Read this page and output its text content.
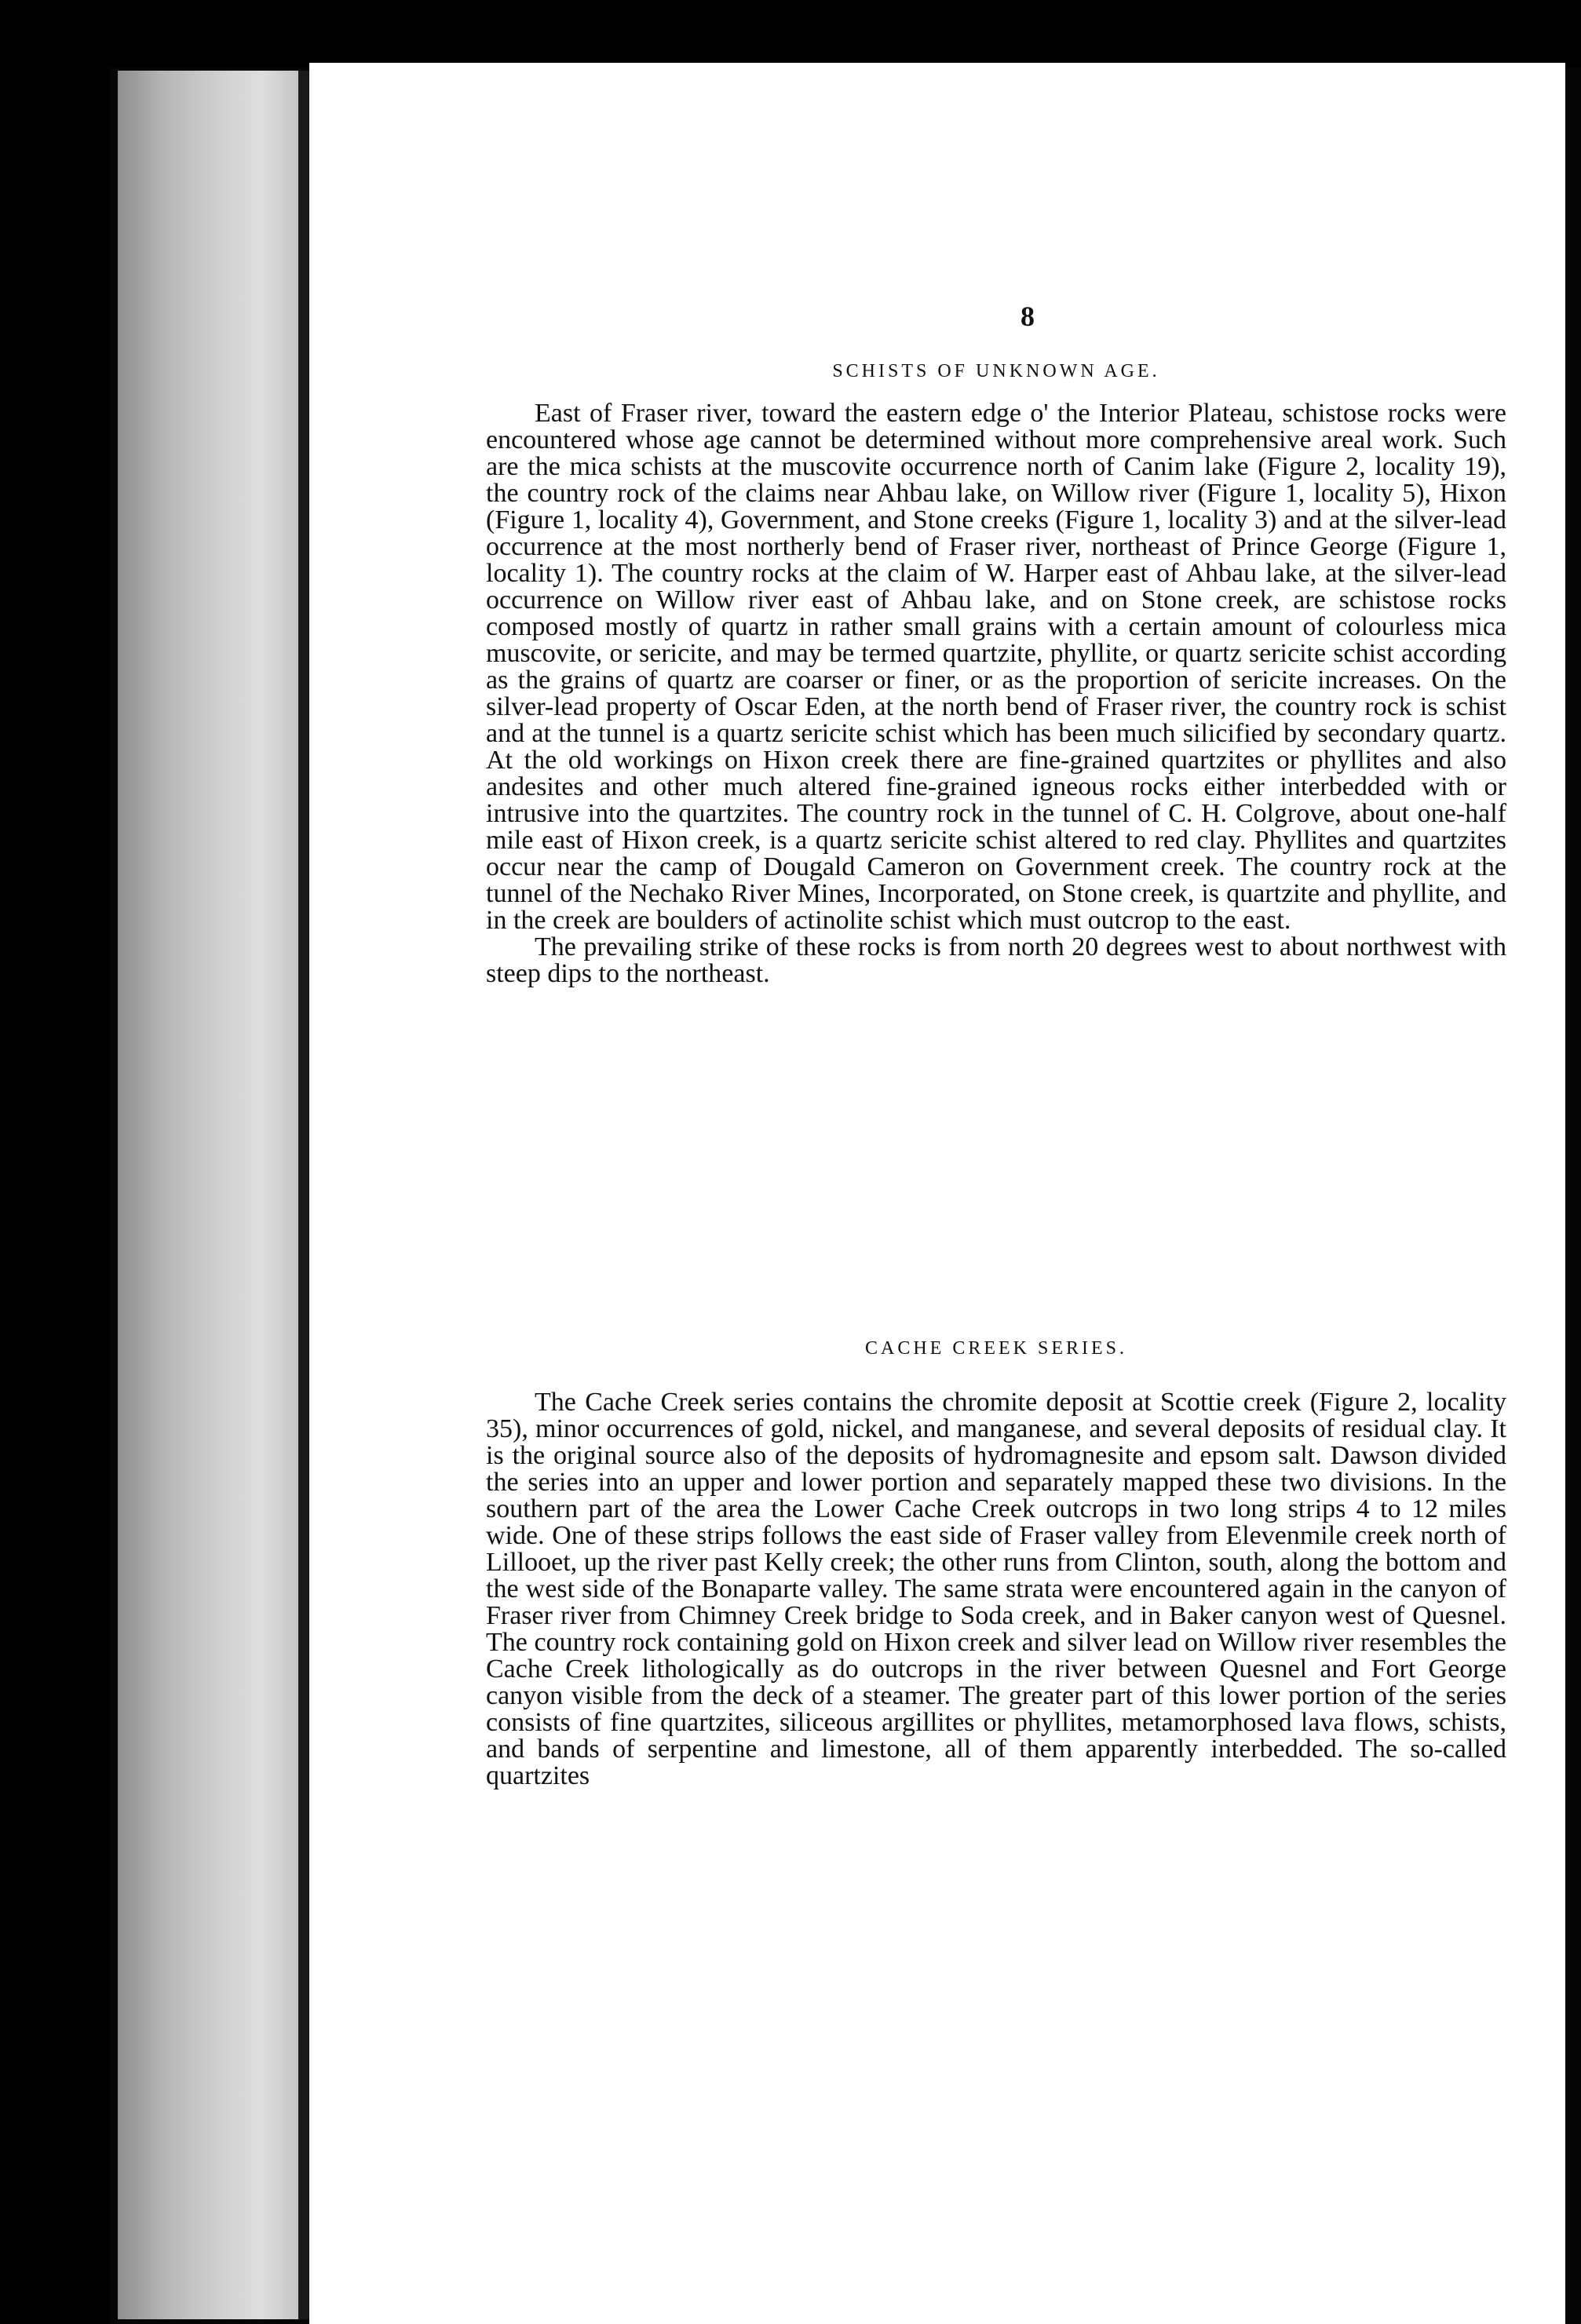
8
SCHISTS OF UNKNOWN AGE.

East of Fraser river, toward the eastern edge o' the Interior Plateau, schistose rocks were encountered whose age cannot be determined without more comprehensive areal work. Such are the mica schists at the muscovite occurrence north of Canim lake (Figure 2, locality 19), the country rock of the claims near Ahbau lake, on Willow river (Figure 1, locality 5), Hixon (Figure 1, locality 4), Government, and Stone creeks (Figure 1, locality 3) and at the silver-lead occurrence at the most northerly bend of Fraser river, northeast of Prince George (Figure 1, locality 1). The country rocks at the claim of W. Harper east of Ahbau lake, at the silver-lead occurrence on Willow river east of Ahbau lake, and on Stone creek, are schistose rocks composed mostly of quartz in rather small grains with a certain amount of colourless mica muscovite, or sericite, and may be termed quartzite, phyllite, or quartz sericite schist according as the grains of quartz are coarser or finer, or as the proportion of sericite increases. On the silver-lead property of Oscar Eden, at the north bend of Fraser river, the country rock is schist and at the tunnel is a quartz sericite schist which has been much silicified by secondary quartz. At the old workings on Hixon creek there are fine-grained quartzites or phyllites and also andesites and other much altered fine-grained igneous rocks either interbedded with or intrusive into the quartzites. The country rock in the tunnel of C. H. Colgrove, about one-half mile east of Hixon creek, is a quartz sericite schist altered to red clay. Phyllites and quartzites occur near the camp of Dougald Cameron on Government creek. The country rock at the tunnel of the Nechako River Mines, Incorporated, on Stone creek, is quartzite and phyllite, and in the creek are boulders of actinolite schist which must outcrop to the east.

The prevailing strike of these rocks is from north 20 degrees west to about northwest with steep dips to the northeast.

CACHE CREEK SERIES.

The Cache Creek series contains the chromite deposit at Scottie creek (Figure 2, locality 35), minor occurrences of gold, nickel, and manganese, and several deposits of residual clay. It is the original source also of the deposits of hydromagnesite and epsom salt. Dawson divided the series into an upper and lower portion and separately mapped these two divisions. In the southern part of the area the Lower Cache Creek outcrops in two long strips 4 to 12 miles wide. One of these strips follows the east side of Fraser valley from Elevenmile creek north of Lillooet, up the river past Kelly creek; the other runs from Clinton, south, along the bottom and the west side of the Bonaparte valley. The same strata were encountered again in the canyon of Fraser river from Chimney Creek bridge to Soda creek, and in Baker canyon west of Quesnel. The country rock containing gold on Hixon creek and silver lead on Willow river resembles the Cache Creek lithologically as do outcrops in the river between Quesnel and Fort George canyon visible from the deck of a steamer. The greater part of this lower portion of the series consists of fine quartzites, siliceous argillites or phyllites, metamorphosed lava flows, schists, and bands of serpentine and limestone, all of them apparently interbedded. The so-called quartzites
